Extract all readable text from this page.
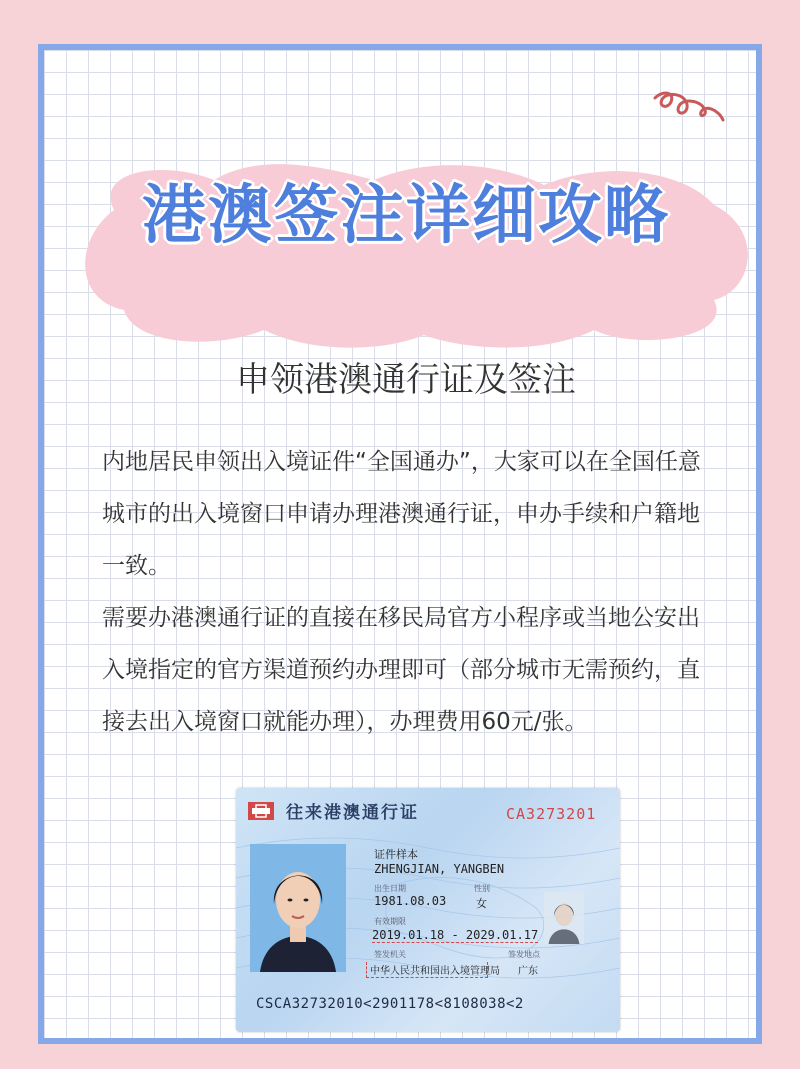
港澳签注详细攻略
申领港澳通行证及签注

内地居民申领出入境证件“全国通办”，大家可以在全国任意城市的出入境窗口申请办理港澳通行证，申办手续和户籍地一致。

需要办港澳通行证的直接在移民局官方小程序或当地公安出入境指定的官方渠道预约办理即可（部分城市无需预约，直接去出入境窗口就能办理），办理费用60元/张。

往来港澳通行证	CA3273201
证件样本
ZHENGJIAN, YANGBEN
出生日期	性别
1981.08.03	女
有效期限
2019.01.18 - 2029.01.17
签发机关	签发地点
中华人民共和国出入境管理局 广东
CSCA32732010<2901178<8108038<2
